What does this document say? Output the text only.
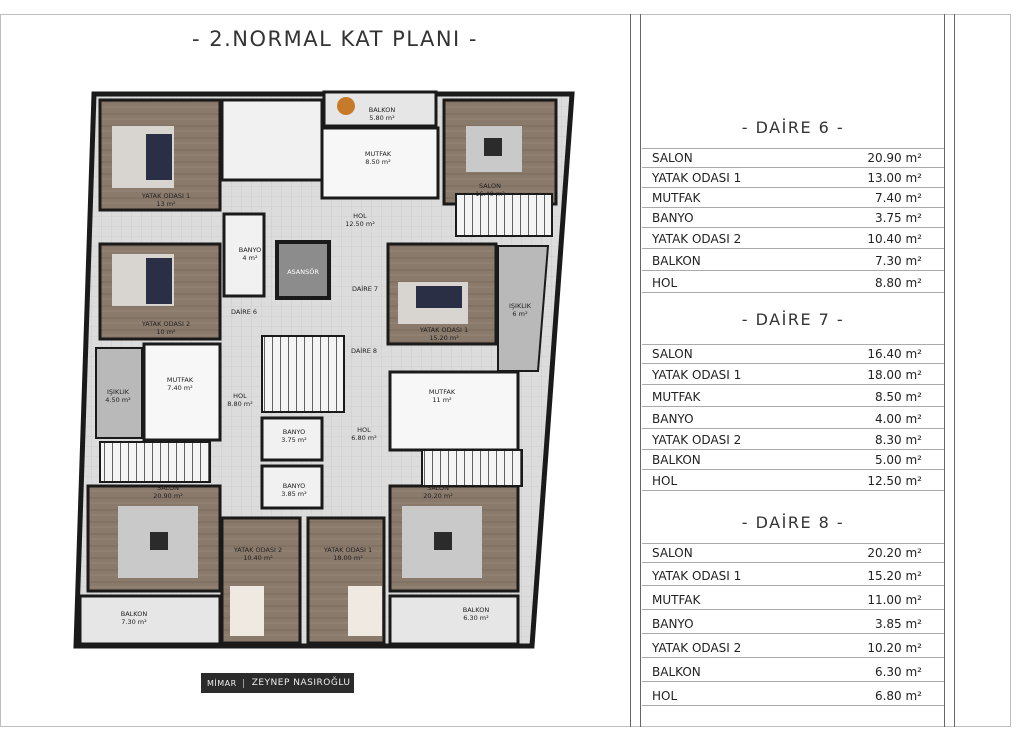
- 2.NORMAL KAT PLANI -
BALKON
5.80 m²
MUTFAK
8.50 m²
SALON
16.40 m²
HOL
12.50 m²
YATAK ODASI 1
13 m²
BANYO
4 m²
ASANSÖR
DAİRE 7
DAİRE 6
DAİRE 8
YATAK ODASI 2
10 m²	YATAK ODASI 1
15.20 m²
IŞIKLIK
4.50 m²
IŞIKLIK
6 m²
MUTFAK
7.40 m²
HOL
8.80 m²
MUTFAK
11 m²
BANYO
3.75 m²
HOL
6.80 m²
BANYO
3.85 m²
SALON
20.90 m²
SALON
20.20 m²
YATAK ODASI 2
10.40 m²
YATAK ODASI 1
18.00 m²
BALKON
7.30 m²
BALKON
6.30 m²
MİMAR	ZEYNEP NASIROĞLU
- DAİRE 6 -
SALON	20.90 m²
YATAK ODASI 1	13.00 m²
MUTFAK	7.40 m²
BANYO	3.75 m²
YATAK ODASI 2	10.40 m²
BALKON	7.30 m²
HOL	8.80 m²
- DAİRE 7 -
SALON	16.40 m²
YATAK ODASI 1	18.00 m²
MUTFAK	8.50 m²
BANYO	4.00 m²
YATAK ODASI 2	8.30 m²
BALKON	5.00 m²
HOL	12.50 m²
- DAİRE 8 -
SALON	20.20 m²
YATAK ODASI 1	15.20 m²
MUTFAK	11.00 m²
BANYO	3.85 m²
YATAK ODASI 2	10.20 m²
BALKON	6.30 m²
HOL	6.80 m²
